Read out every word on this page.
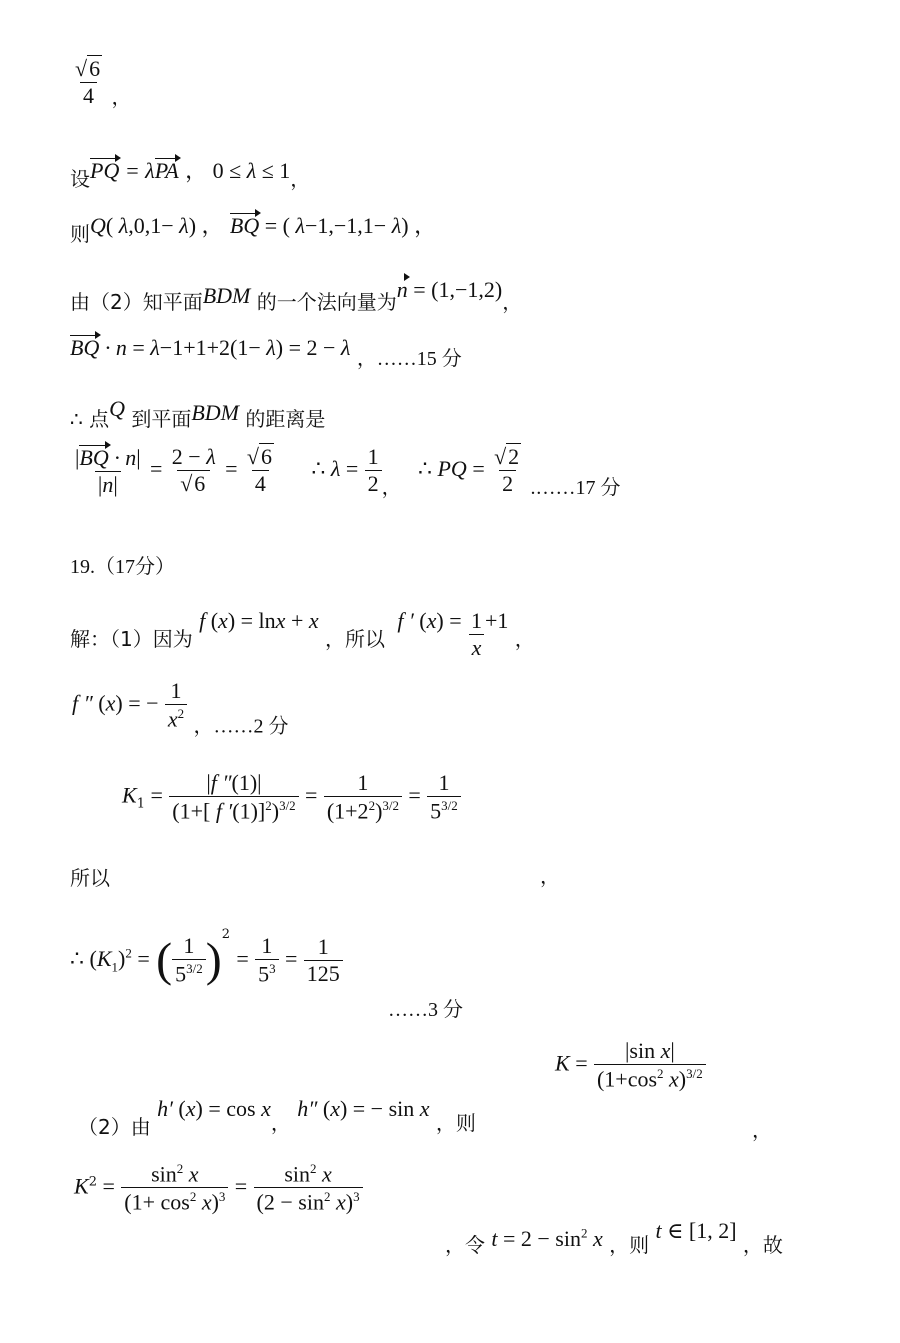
$\frac{√6}{4}$ ，
设PQ = λPA ， 0 ≤ λ ≤ 1，
则Q( λ,0,1− λ) ， BQ = ( λ−1,−1,1− λ) ，
由（2）知平面BDM 的一个法向量为n = (1,−1,2)，
BQ · n = λ−1+1+2(1− λ) = 2 − λ ，……15 分
∴ 点Q 到平面BDM 的距离是
$\frac{|BQ \cdot n|}{|n|} = \frac{2 - \lambda}{√6} = \frac{√6}{4}$ ∴ $\lambda = \frac{1}{2}$ ， ∴ PQ = $\frac{√2}{2}$ .……17 分
19.（17分）
解：（1）因为 f (x) = lnx + x ，所以 f ′ $(x) = \frac{1}{x} +1$ ，
f ″ (x) = − $\frac{1}{x^2}$ ，……2 分
$K_1 = \frac{|f ''(1)|}{(1+[ f '(1)]^2)^{3/2}} = \frac{1}{(1+2^2)^{3/2}} = \frac{1}{5^{3/2}}$
所以	，
∴ $(K_1)^2$ = ( $\frac{1}{5^{3/2}} )^2 = \frac{1}{5^3} = \frac{1}{125}$
……3 分
$K = \frac{\text{|sin x|}}{(1+\cos^2 x)^{3/2}}$
（2）由 h′ (x) = cos x， h″ (x) = − sin x ，则	，
$K^2 = \frac{\sin^2 x}{(1+ \cos^2 x)^3} = \frac{\sin^2 x}{(2 - \sin^2 x)^3}$
，令 $t = 2 - \sin^2 x$ ，则 t ∈ [1, 2] ，故
